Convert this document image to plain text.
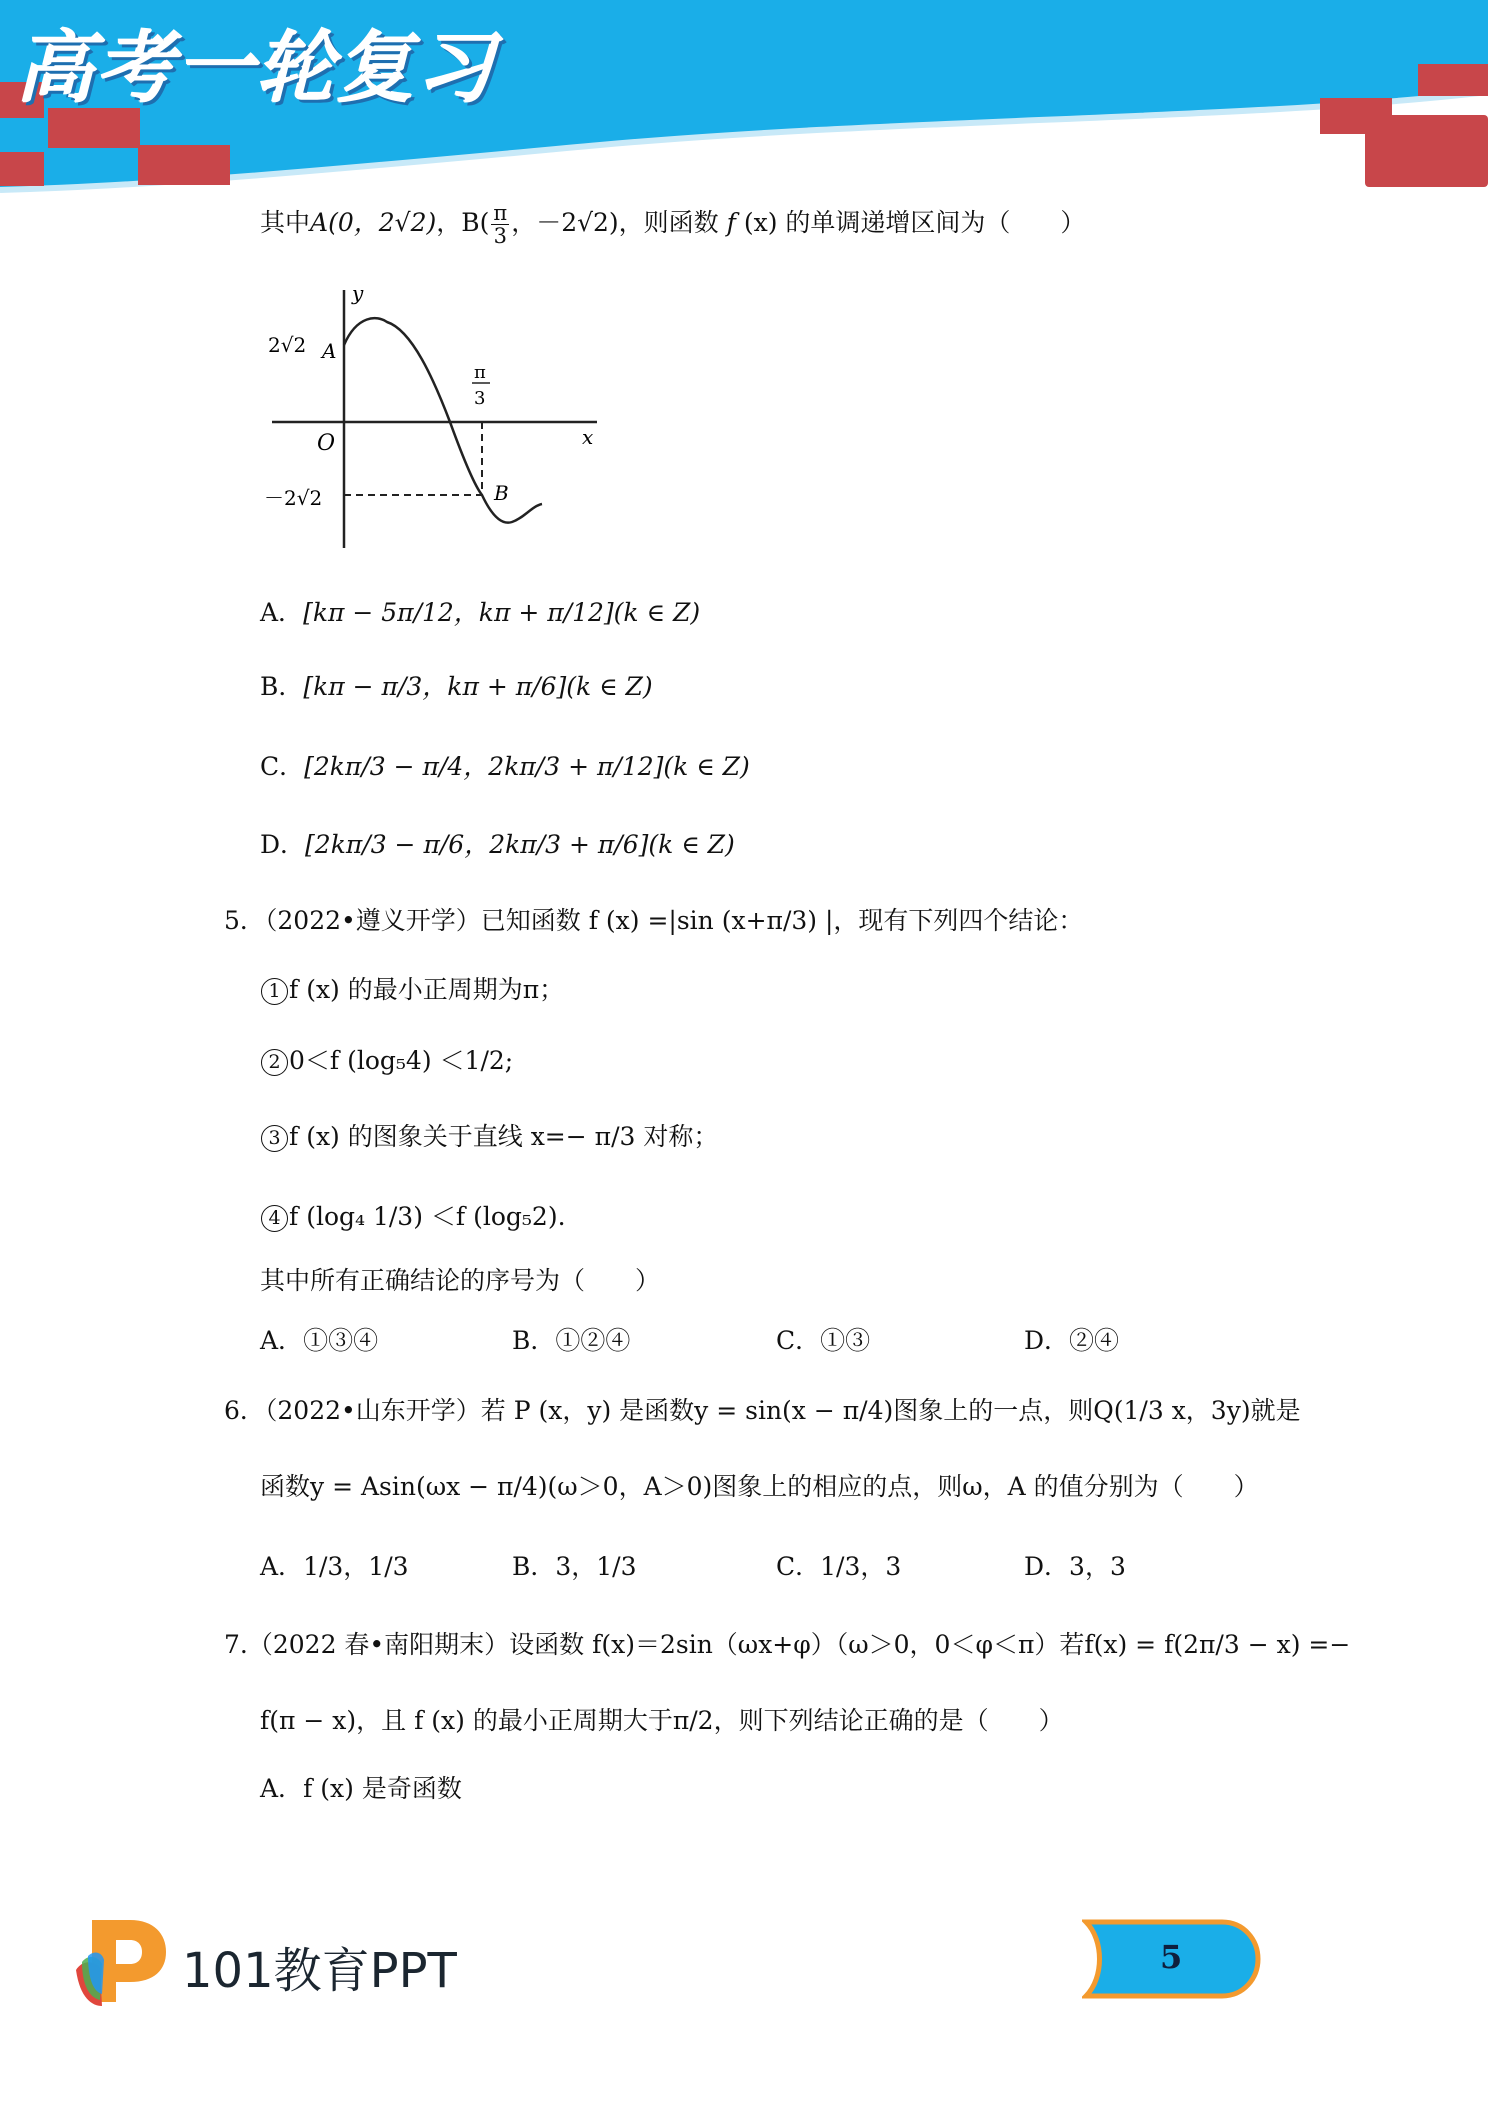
高考一轮复习
其中A(0，2√2)，$B( \frac{\pi}{3}$ ，－2√2)，则函数 f (x) 的单调递增区间为（　　）
y
x
O
A
B
2√2
－2√2
π
3
A．[kπ − 5π/12，kπ + π/12](k ∈ Z)
B．[kπ − π/3，kπ + π/6](k ∈ Z)
C．[2kπ/3 − π/4，2kπ/3 + π/12](k ∈ Z)
D．[2kπ/3 − π/6，2kπ/3 + π/6](k ∈ Z)
5．（2022•遵义开学）已知函数 f (x) =|sin (x+π/3) |，现有下列四个结论：
1 f (x) 的最小正周期为π；
2 0＜f (log₅4) ＜1/2;
3 f (x) 的图象关于直线 x=− π/3 对称；
4 f (log₄ 1/3) ＜f (log₅2).
其中所有正确结论的序号为（　　）
A．①③④	B．①②④	C．①③	D．②④
6．（2022•山东开学）若 P (x，y) 是函数y = sin(x − π/4)图象上的一点，则Q(1/3 x，3y)就是
函数y = Asin(ωx − π/4)(ω＞0，A＞0)图象上的相应的点，则ω，A 的值分别为（　　）
A．1/3，1/3	B．3，1/3	C．1/3，3	D．3，3
7.（2022 春•南阳期末）设函数 f(x)＝2sin（ωx+φ）（ω＞0，0＜φ＜π）若f(x) = f(2π/3 − x) =−
f(π − x)，且 f (x) 的最小正周期大于π/2，则下列结论正确的是（　　）
A．f (x) 是奇函数
101教育PPT	5
